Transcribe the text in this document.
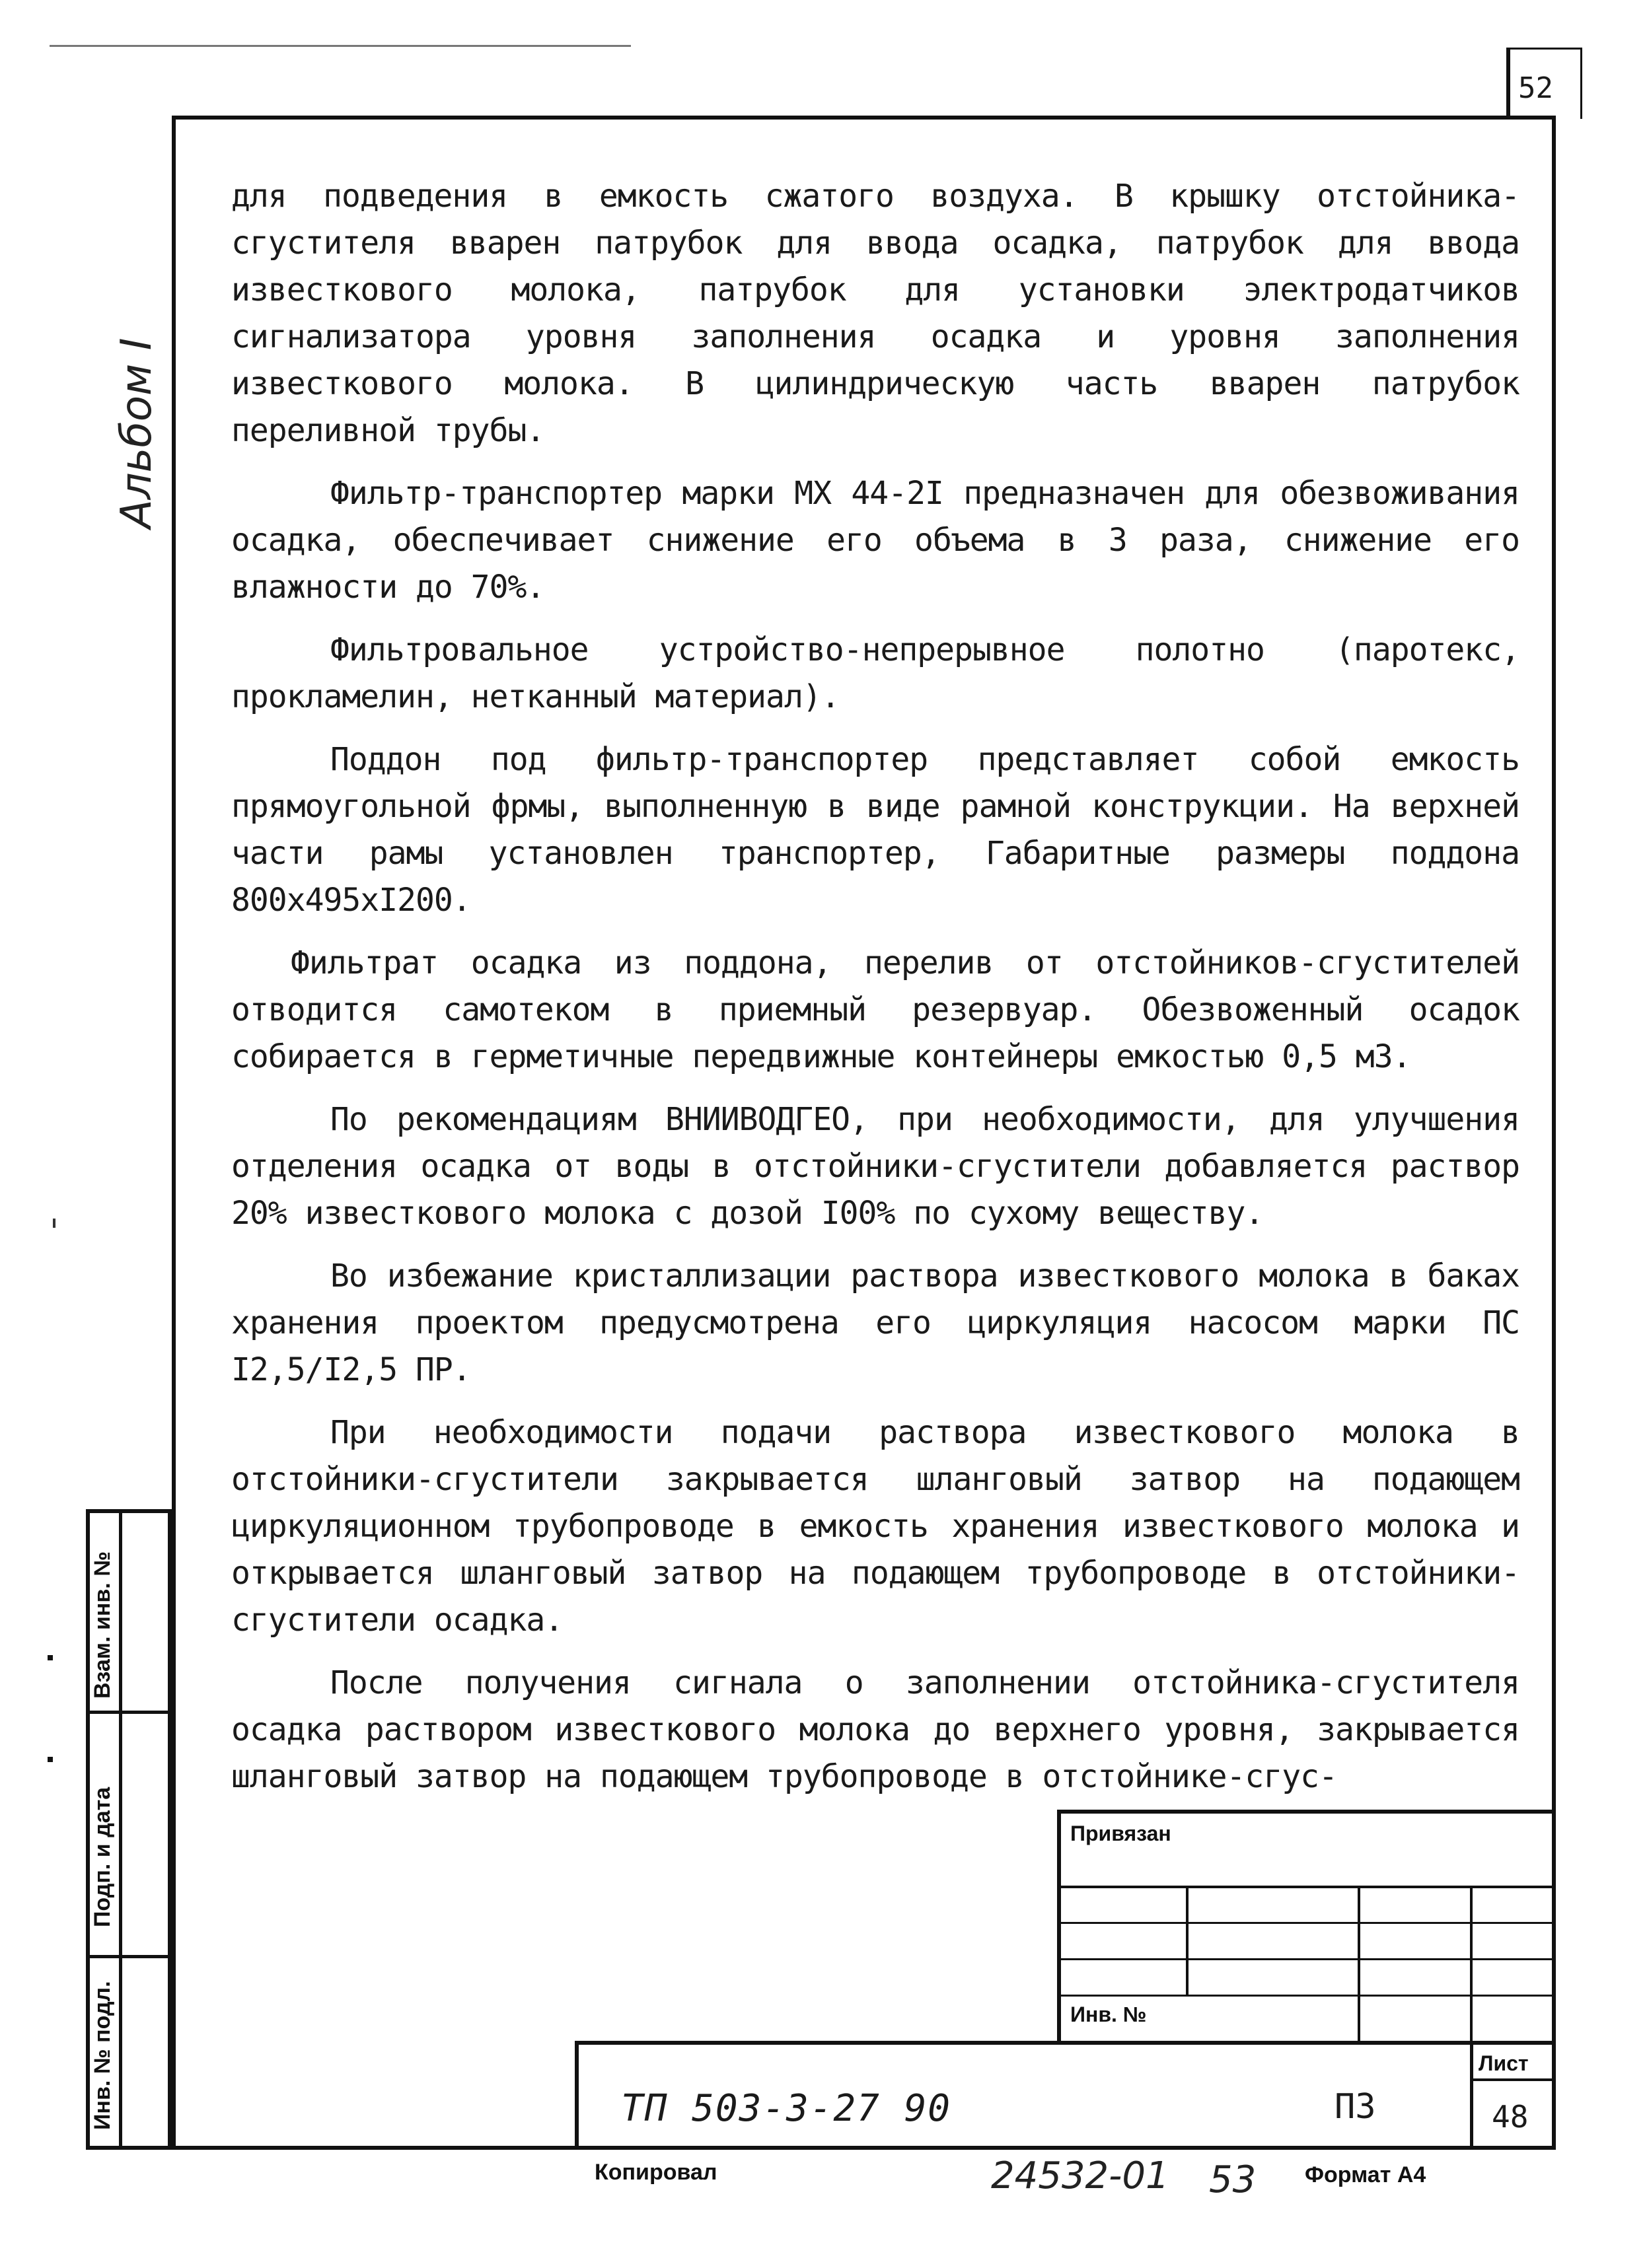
52
Альбом I

для подведения в емкость сжатого воздуха. В крышку отстойника-сгустителя вварен патрубок для ввода осадка, патрубок для ввода известкового молока, патрубок для установки электродатчиков сигнализатора уровня заполнения осадка и уровня заполнения известкового молока. В цилиндрическую часть вварен патрубок переливной трубы.

Фильтр-транспортер марки МХ 44-2I предназначен для обезвоживания осадка, обеспечивает снижение его объема в 3 раза, снижение его влажности до 70%.

Фильтровальное устройство-непрерывное полотно (паротекс, прокламелин, нетканный материал).

Поддон под фильтр-транспортер представляет собой емкость прямоугольной фрмы, выполненную в виде рамной конструкции. На верхней части рамы установлен транспортер, Габаритные размеры поддона 800х495хI200.

Фильтрат осадка из поддона, перелив от отстойников-сгустителей отводится самотеком в приемный резервуар. Обезвоженный осадок собирается в герметичные передвижные контейнеры емкостью 0,5 м3.

По рекомендациям ВНИИВОДГЕО, при необходимости, для улучшения отделения осадка от воды в отстойники-сгустители добавляется раствор 20% известкового молока с дозой I00% по сухому веществу.

Во избежание кристаллизации раствора известкового молока в баках хранения проектом предусмотрена его циркуляция насосом марки ПС I2,5/I2,5 ПР.

При необходимости подачи раствора известкового молока в отстойники-сгустители закрывается шланговый затвор на подающем циркуляционном трубопроводе в емкость хранения известкового молока и открывается шланговый затвор на подающем трубопроводе в отстойники-сгустители осадка.

После получения сигнала о заполнении отстойника-сгустителя осадка раствором известкового молока до верхнего уровня, закрывается шланговый затвор на подающем трубопроводе в отстойнике-сгус-

Взам. инв. №
Подп. и дата
Инв. № подл.
Привязан
Инв. №
Лист
48
ТП 503-3-27 90	ПЗ
Копировал	24532-01 53 Формат А4
